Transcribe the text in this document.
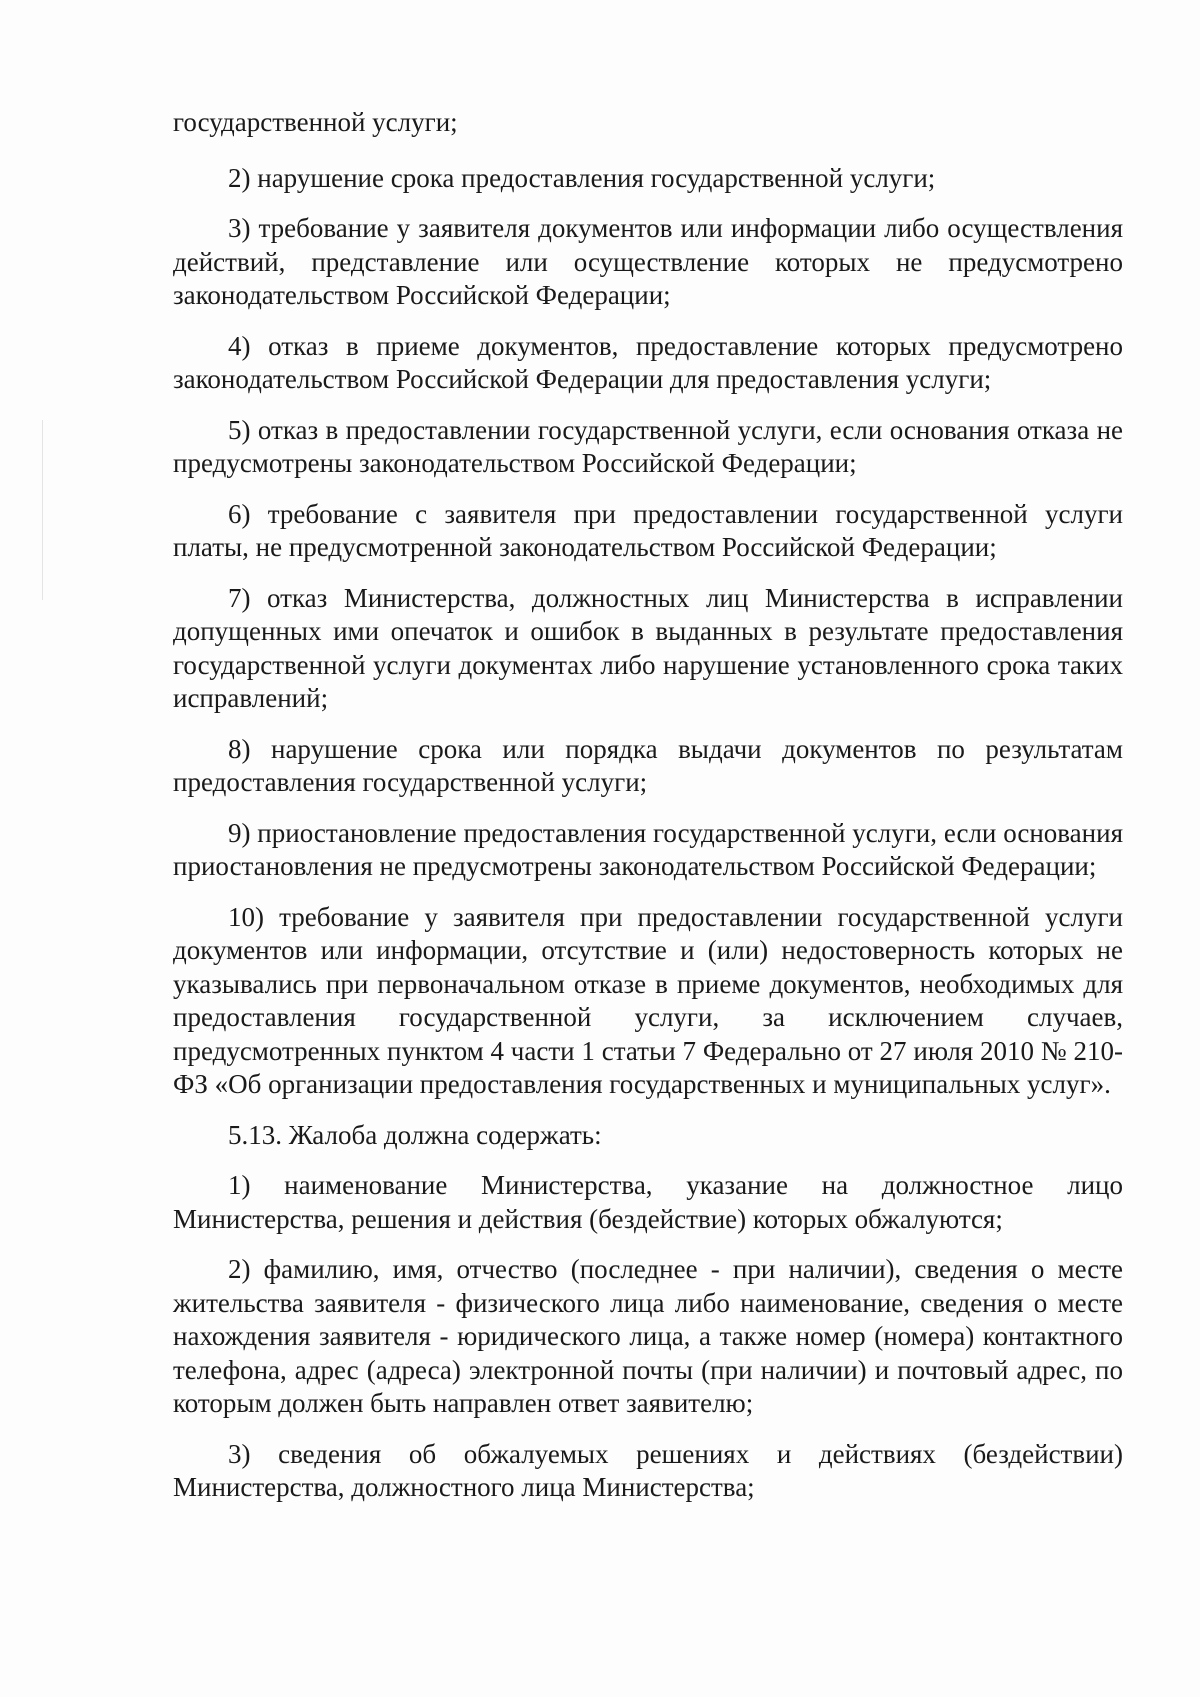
государственной услуги;

2) нарушение срока предоставления государственной услуги;

3) требование у заявителя документов или информации либо осуществления действий, представление или осуществление которых не предусмотрено законодательством Российской Федерации;

4) отказ в приеме документов, предоставление которых предусмотрено законодательством Российской Федерации для предоставления услуги;

5) отказ в предоставлении государственной услуги, если основания отказа не предусмотрены законодательством Российской Федерации;

6) требование с заявителя при предоставлении государственной услуги платы, не предусмотренной законодательством Российской Федерации;

7) отказ Министерства, должностных лиц Министерства в исправлении допущенных ими опечаток и ошибок в выданных в результате предоставления государственной услуги документах либо нарушение установленного срока таких исправлений;

8) нарушение срока или порядка выдачи документов по результатам предоставления государственной услуги;

9) приостановление предоставления государственной услуги, если основания приостановления не предусмотрены законодательством Российской Федерации;

10) требование у заявителя при предоставлении государственной услуги документов или информации, отсутствие и (или) недостоверность которых не указывались при первоначальном отказе в приеме документов, необходимых для предоставления государственной услуги, за исключением случаев, предусмотренных пунктом 4 части 1 статьи 7 Федерально от 27 июля 2010 № 210-ФЗ «Об организации предоставления государственных и муниципальных услуг».

5.13. Жалоба должна содержать:

1) наименование Министерства, указание на должностное лицо Министерства, решения и действия (бездействие) которых обжалуются;

2) фамилию, имя, отчество (последнее - при наличии), сведения о месте жительства заявителя - физического лица либо наименование, сведения о месте нахождения заявителя - юридического лица, а также номер (номера) контактного телефона, адрес (адреса) электронной почты (при наличии) и почтовый адрес, по которым должен быть направлен ответ заявителю;

3) сведения об обжалуемых решениях и действиях (бездействии) Министерства, должностного лица Министерства;
